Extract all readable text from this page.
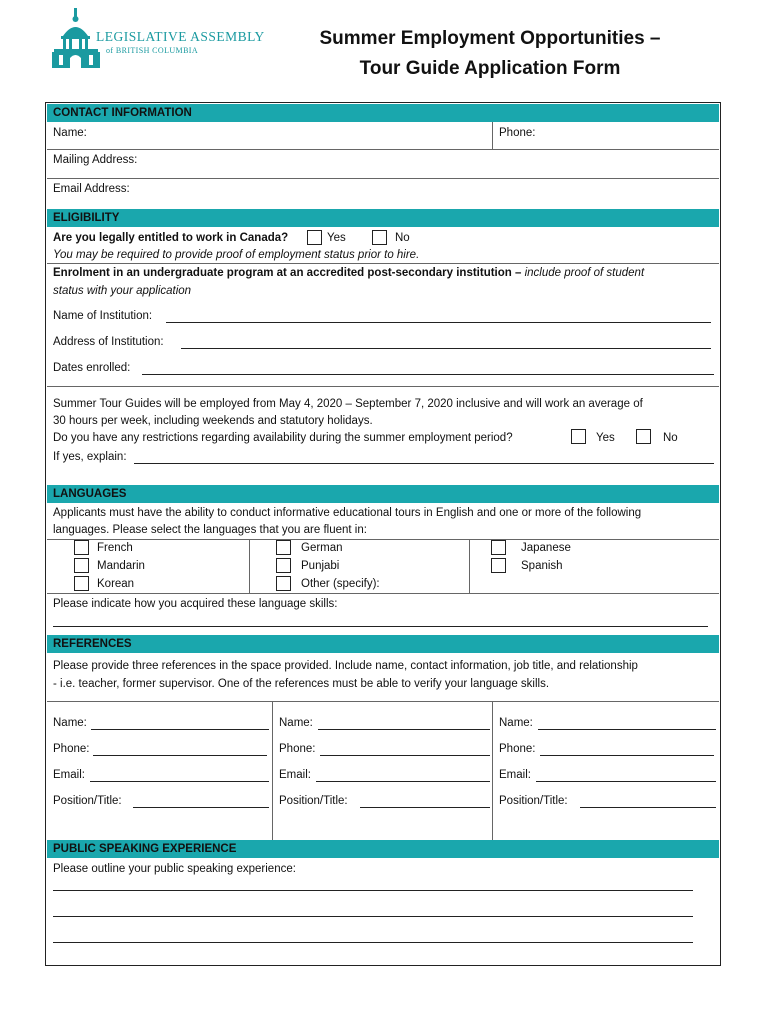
LEGISLATIVE ASSEMBLY
of BRITISH COLUMBIA
Summer Employment Opportunities –
Tour Guide Application Form
CONTACT INFORMATION
Name:	Phone:
Mailing Address:
Email Address:
ELIGIBILITY
Are you legally entitled to work in Canada?	Yes	No
You may be required to provide proof of employment status prior to hire.
Enrolment in an undergraduate program at an accredited post-secondary institution – include proof of student
status with your application
Name of Institution:
Address of Institution:
Dates enrolled:
Summer Tour Guides will be employed from May 4, 2020 – September 7, 2020 inclusive and will work an average of
30 hours per week, including weekends and statutory holidays.
Do you have any restrictions regarding availability during the summer employment period?	Yes	No
If yes, explain:
LANGUAGES
Applicants must have the ability to conduct informative educational tours in English and one or more of the following
languages. Please select the languages that you are fluent in:
French
Mandarin
Korean
German
Punjabi
Other (specify):
Japanese
Spanish
Please indicate how you acquired these language skills:
REFERENCES
Please provide three references in the space provided. Include name, contact information, job title, and relationship
- i.e. teacher, former supervisor. One of the references must be able to verify your language skills.
Name:
Phone:
Email:
Position/Title:
Name:
Phone:
Email:
Position/Title:
Name:
Phone:
Email:
Position/Title:
PUBLIC SPEAKING EXPERIENCE
Please outline your public speaking experience:
